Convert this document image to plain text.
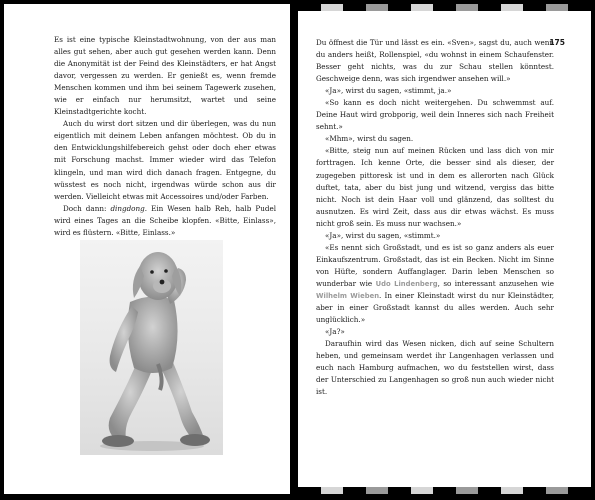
Es ist eine typische Kleinstadtwohnung, von der aus man alles gut sehen, aber auch gut gesehen werden kann. Denn die Anonymität ist der Feind des Kleinstädters, er hat Angst davor, vergessen zu werden. Er genießt es, wenn fremde Menschen kommen und ihm bei seinem Tagewerk zusehen, wie er einfach nur herumsitzt, wartet und seine Kleinstadtgerichte kocht.

Auch du wirst dort sitzen und dir überlegen, was du nun eigentlich mit deinem Leben anfangen möchtest. Ob du in den Entwicklungshilfebereich gehst oder doch eher etwas mit Forschung machst. Immer wieder wird das Telefon klingeln, und man wird dich danach fragen. Entgegne, du wüsstest es noch nicht, irgendwas würde schon aus dir werden. Vielleicht etwas mit Accessoires und/oder Farben.

Doch dann: dingdong. Ein Wesen halb Reh, halb Pudel wird eines Tages an die Scheibe klopfen. «Bitte, Einlass», wird es flüstern. «Bitte, Einlass.»

175

Du öffnest die Tür und lässt es ein. «Sven», sagst du, auch wenn du anders heißt, Rollenspiel, «du wohnst in einem Schaufenster. Besser geht nichts, was du zur Schau stellen könntest. Geschweige denn, was sich irgendwer ansehen will.»

«Ja», wirst du sagen, «stimmt, ja.»

«So kann es doch nicht weitergehen. Du schwemmst auf. Deine Haut wird grobporig, weil dein Inneres sich nach Freiheit sehnt.»

«Mhm», wirst du sagen.

«Bitte, steig nun auf meinen Rücken und lass dich von mir forttragen. Ich kenne Orte, die besser sind als dieser, der zugegeben pittoresk ist und in dem es allerorten nach Glück duftet, tata, aber du bist jung und witzend, vergiss das bitte nicht. Noch ist dein Haar voll und glänzend, das solltest du ausnutzen. Es wird Zeit, dass aus dir etwas wächst. Es muss nicht groß sein. Es muss nur wachsen.»

«Ja», wirst du sagen, «stimmt.»

«Es nennt sich Großstadt, und es ist so ganz anders als euer Einkaufszentrum. Großstadt, das ist ein Becken. Nicht im Sinne von Hüfte, sondern Auffanglager. Darin leben Menschen so wunderbar wie Udo Lindenberg, so interessant anzusehen wie Wilhelm Wieben. In einer Kleinstadt wirst du nur Kleinstädter, aber in einer Großstadt kannst du alles werden. Auch sehr unglücklich.»

«Ja?»

Daraufhin wird das Wesen nicken, dich auf seine Schultern heben, und gemeinsam werdet ihr Langenhagen verlassen und euch nach Hamburg aufmachen, wo du feststellen wirst, dass der Unterschied zu Langenhagen so groß nun auch wieder nicht ist.
